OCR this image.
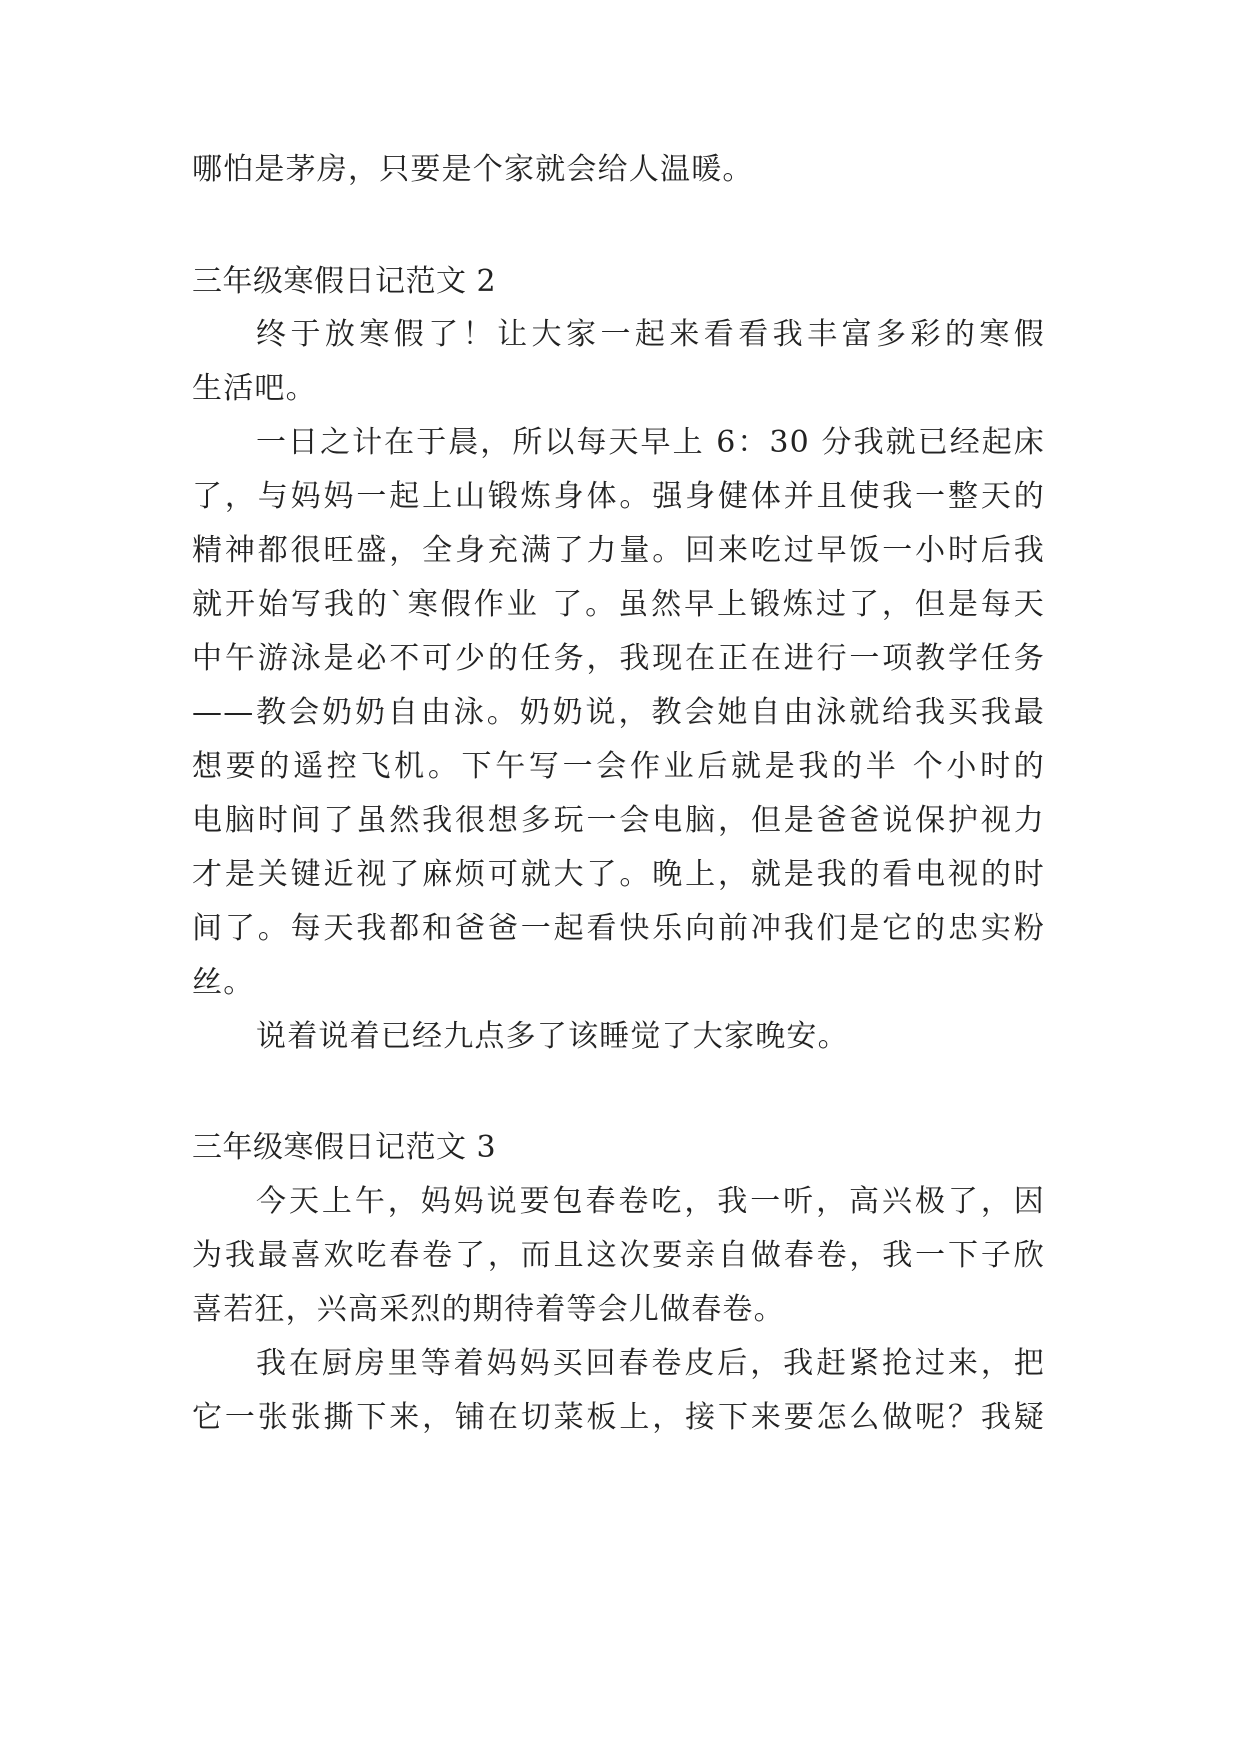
哪怕是茅房，只要是个家就会给人温暖。
三年级寒假日记范文 2
终于放寒假了！让大家一起来看看我丰富多彩的寒假
生活吧。
一日之计在于晨，所以每天早上 6：30 分我就已经起床
了，与妈妈一起上山锻炼身体。强身健体并且使我一整天的
精神都很旺盛，全身充满了力量。回来吃过早饭一小时后我
就开始写我的`寒假作业 了。虽然早上锻炼过了，但是每天
中午游泳是必不可少的任务，我现在正在进行一项教学任务
——教会奶奶自由泳。奶奶说，教会她自由泳就给我买我最
想要的遥控飞机。下午写一会作业后就是我的半 个小时的
电脑时间了虽然我很想多玩一会电脑，但是爸爸说保护视力
才是关键近视了麻烦可就大了。晚上，就是我的看电视的时
间了。每天我都和爸爸一起看快乐向前冲我们是它的忠实粉
丝。
说着说着已经九点多了该睡觉了大家晚安。
三年级寒假日记范文 3
今天上午，妈妈说要包春卷吃，我一听，高兴极了，因
为我最喜欢吃春卷了，而且这次要亲自做春卷，我一下子欣
喜若狂，兴高采烈的期待着等会儿做春卷。
我在厨房里等着妈妈买回春卷皮后，我赶紧抢过来，把
它一张张撕下来，铺在切菜板上，接下来要怎么做呢？我疑
